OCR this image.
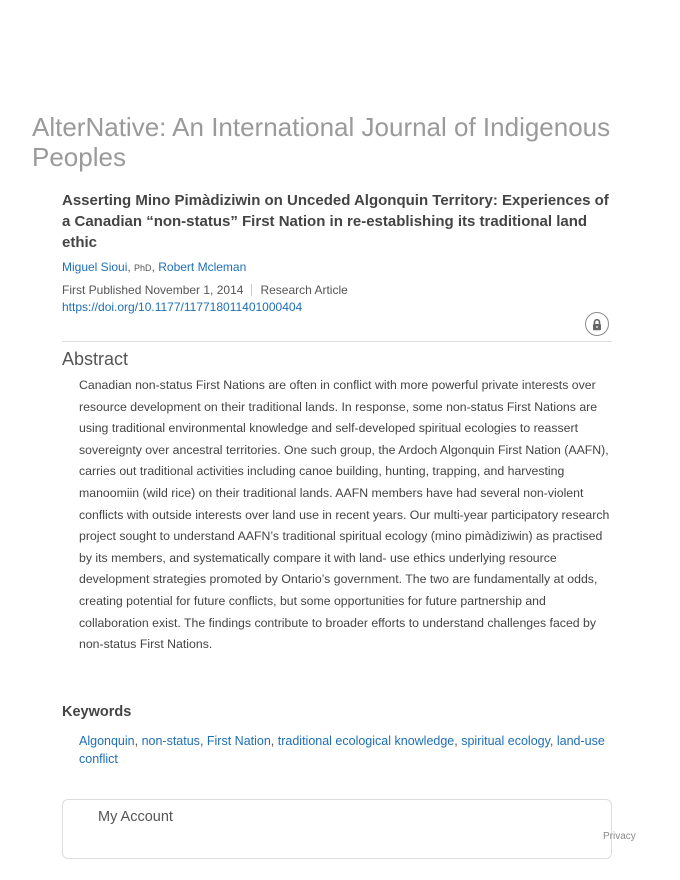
AlterNative: An International Journal of Indigenous Peoples
Asserting Mino Pimàdiziwin on Unceded Algonquin Territory: Experiences of a Canadian “non-status” First Nation in re-establishing its traditional land ethic
Miguel Sioui, PhD, Robert Mcleman
First Published November 1, 2014 Research Article
https://doi.org/10.1177/117718011401000404
Abstract

Canadian non-status First Nations are often in conflict with more powerful private interests over resource development on their traditional lands. In response, some non-status First Nations are using traditional environmental knowledge and self-developed spiritual ecologies to reassert sovereignty over ancestral territories. One such group, the Ardoch Algonquin First Nation (AAFN), carries out traditional activities including canoe building, hunting, trapping, and harvesting manoomiin (wild rice) on their traditional lands. AAFN members have had several non-violent conflicts with outside interests over land use in recent years. Our multi-year participatory research project sought to understand AAFN’s traditional spiritual ecology (mino pimàdiziwin) as practised by its members, and systematically compare it with land- use ethics underlying resource development strategies promoted by Ontario’s government. The two are fundamentally at odds, creating potential for future conflicts, but some opportunities for future partnership and collaboration exist. The findings contribute to broader efforts to understand challenges faced by non-status First Nations.

Keywords
Algonquin, non-status, First Nation, traditional ecological knowledge, spiritual ecology, land-use conflict
My Account
Privacy
